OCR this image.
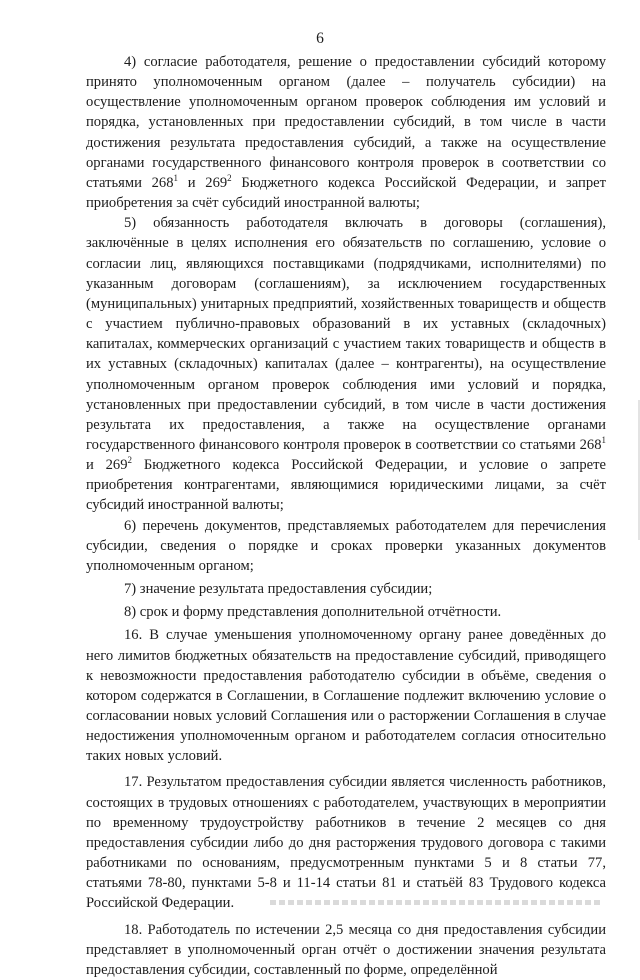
6

4) согласие работодателя, решение о предоставлении субсидий которому принято уполномоченным органом (далее – получатель субсидии) на осуществление уполномоченным органом проверок соблюдения им условий и порядка, установленных при предоставлении субсидий, в том числе в части достижения результата предоставления субсидий, а также на осуществление органами государственного финансового контроля проверок в соответствии со статьями $268^1$ и $269^2$ Бюджетного кодекса Российской Федерации, и запрет приобретения за счёт субсидий иностранной валюты;

5) обязанность работодателя включать в договоры (соглашения), заключённые в целях исполнения его обязательств по соглашению, условие о согласии лиц, являющихся поставщиками (подрядчиками, исполнителями) по указанным договорам (соглашениям), за исключением государственных (муниципальных) унитарных предприятий, хозяйственных товариществ и обществ с участием публично-правовых образований в их уставных (складочных) капиталах, коммерческих организаций с участием таких товариществ и обществ в их уставных (складочных) капиталах (далее – контрагенты), на осуществление уполномоченным органом проверок соблюдения ими условий и порядка, установленных при предоставлении субсидий, в том числе в части достижения результата их предоставления, а также на осуществление органами государственного финансового контроля проверок в соответствии со статьями $268^1$ и $269^2$ Бюджетного кодекса Российской Федерации, и условие о запрете приобретения контрагентами, являющимися юридическими лицами, за счёт субсидий иностранной валюты;

6) перечень документов, представляемых работодателем для перечисления субсидии, сведения о порядке и сроках проверки указанных документов уполномоченным органом;

7) значение результата предоставления субсидии;

8) срок и форму представления дополнительной отчётности.

16. В случае уменьшения уполномоченному органу ранее доведённых до него лимитов бюджетных обязательств на предоставление субсидий, приводящего к невозможности предоставления работодателю субсидии в объёме, сведения о котором содержатся в Соглашении, в Соглашение подлежит включению условие о согласовании новых условий Соглашения или о расторжении Соглашения в случае недостижения уполномоченным органом и работодателем согласия относительно таких новых условий.

17. Результатом предоставления субсидии является численность работников, состоящих в трудовых отношениях с работодателем, участвующих в мероприятии по временному трудоустройству работников в течение 2 месяцев со дня предоставления субсидии либо до дня расторжения трудового договора с такими работниками по основаниям, предусмотренным пунктами 5 и 8 статьи 77, статьями 78-80, пунктами 5-8 и 11-14 статьи 81 и статьёй 83 Трудового кодекса Российской Федерации.

18. Работодатель по истечении 2,5 месяца со дня предоставления субсидии представляет в уполномоченный орган отчёт о достижении значения результата предоставления субсидии, составленный по форме, определённой
